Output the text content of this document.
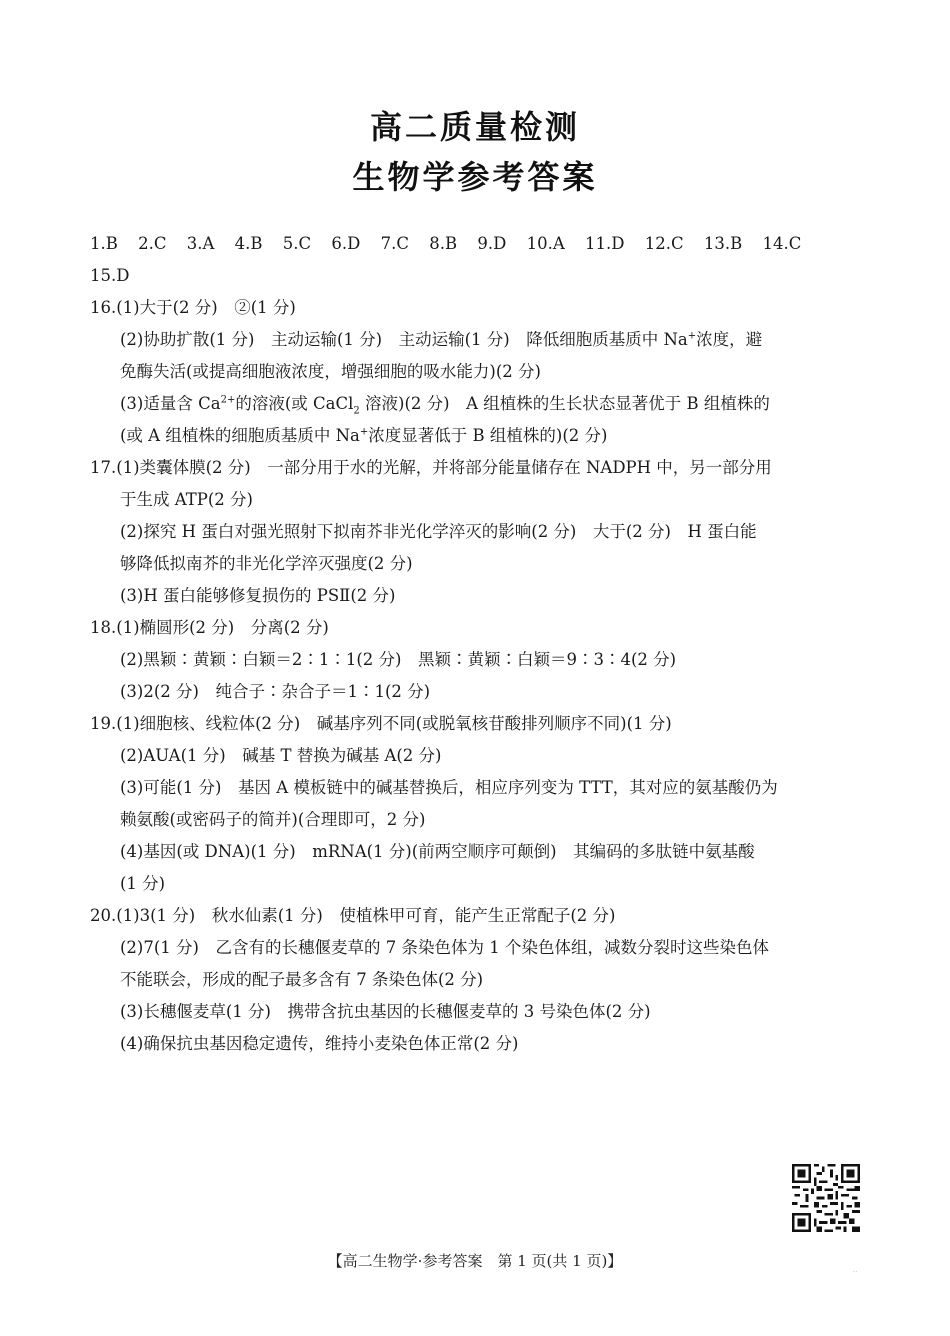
高二质量检测
生物学参考答案
1.B 2.C 3.A 4.B 5.C 6.D 7.C 8.B 9.D 10.A 11.D 12.C 13.B 14.C
15.D
16.(1)大于(2 分)　②(1 分)
(2)协助扩散(1 分)　主动运输(1 分)　主动运输(1 分)　降低细胞质基质中 Na+浓度，避
免酶失活(或提高细胞液浓度，增强细胞的吸水能力)(2 分)
(3)适量含 $Ca^{2+}$的溶液(或 CaCl$_2$ 溶液)(2 分)　A 组植株的生长状态显著优于 B 组植株的
(或 A 组植株的细胞质基质中 Na+浓度显著低于 B 组植株的)(2 分)
17.(1)类囊体膜(2 分)　一部分用于水的光解，并将部分能量储存在 NADPH 中，另一部分用
于生成 ATP(2 分)
(2)探究 H 蛋白对强光照射下拟南芥非光化学淬灭的影响(2 分)　大于(2 分)　H 蛋白能
够降低拟南芥的非光化学淬灭强度(2 分)
(3)H 蛋白能够修复损伤的 PSⅡ(2 分)
18.(1)椭圆形(2 分)　分离(2 分)
(2)黑颖∶黄颖∶白颖＝2∶1∶1(2 分)　黑颖∶黄颖∶白颖＝9∶3∶4(2 分)
(3)2(2 分)　纯合子∶杂合子＝1∶1(2 分)
19.(1)细胞核、线粒体(2 分)　碱基序列不同(或脱氧核苷酸排列顺序不同)(1 分)
(2)AUA(1 分)　碱基 T 替换为碱基 A(2 分)
(3)可能(1 分)　基因 A 模板链中的碱基替换后，相应序列变为 TTT，其对应的氨基酸仍为
赖氨酸(或密码子的简并)(合理即可，2 分)
(4)基因(或 DNA)(1 分)　mRNA(1 分)(前两空顺序可颠倒)　其编码的多肽链中氨基酸
(1 分)
20.(1)3(1 分)　秋水仙素(1 分)　使植株甲可育，能产生正常配子(2 分)
(2)7(1 分)　乙含有的长穗偃麦草的 7 条染色体为 1 个染色体组，减数分裂时这些染色体
不能联会，形成的配子最多含有 7 条染色体(2 分)
(3)长穗偃麦草(1 分)　携带含抗虫基因的长穗偃麦草的 3 号染色体(2 分)
(4)确保抗虫基因稳定遗传，维持小麦染色体正常(2 分)
【高二生物学·参考答案　第 1 页(共 1 页)】
··
